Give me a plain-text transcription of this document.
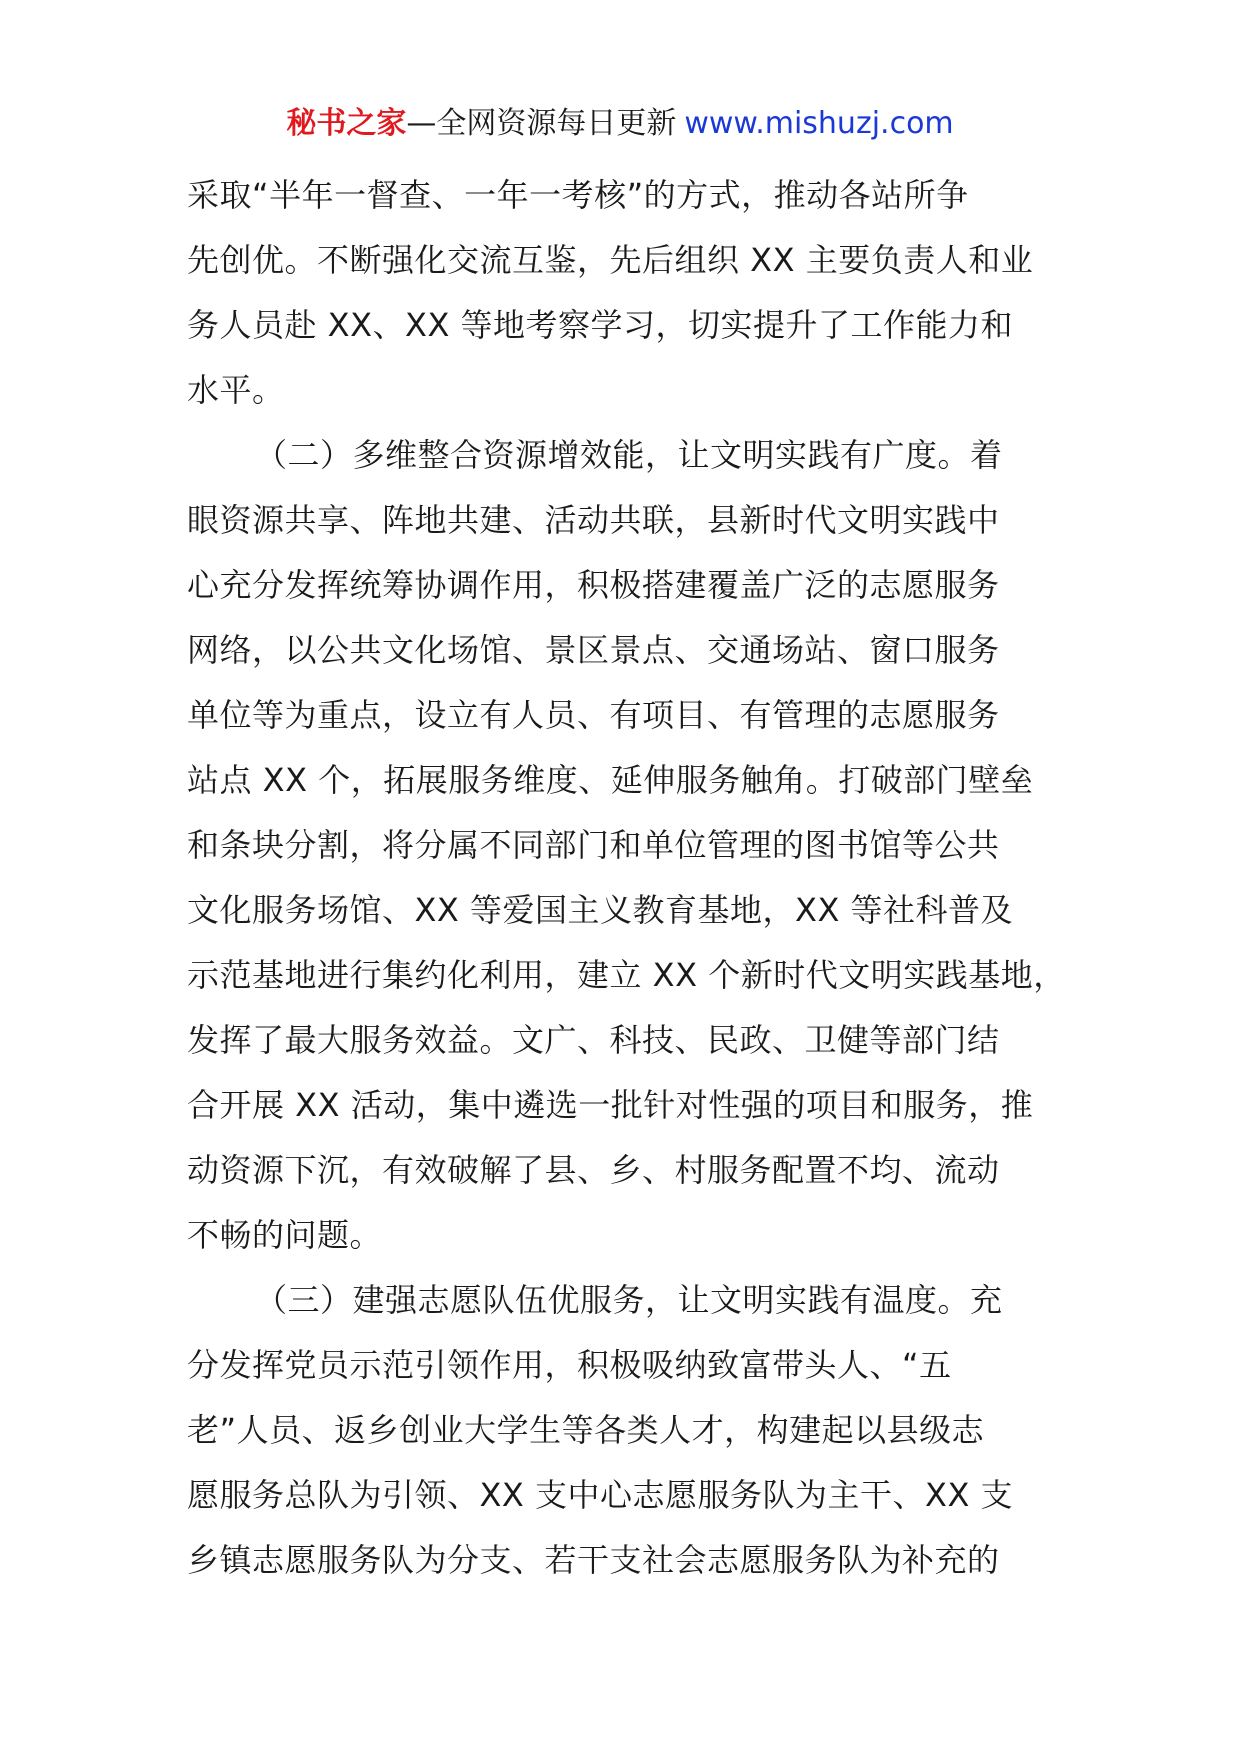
秘书之家—全网资源每日更新 www.mishuzj.com
采取“半年一督查、一年一考核”的方式，推动各站所争
先创优。不断强化交流互鉴，先后组织 XX 主要负责人和业
务人员赴 XX、XX 等地考察学习，切实提升了工作能力和
水平。
（二）多维整合资源增效能，让文明实践有广度。着
眼资源共享、阵地共建、活动共联，县新时代文明实践中
心充分发挥统筹协调作用，积极搭建覆盖广泛的志愿服务
网络，以公共文化场馆、景区景点、交通场站、窗口服务
单位等为重点，设立有人员、有项目、有管理的志愿服务
站点 XX 个，拓展服务维度、延伸服务触角。打破部门壁垒
和条块分割，将分属不同部门和单位管理的图书馆等公共
文化服务场馆、XX 等爱国主义教育基地，XX 等社科普及
示范基地进行集约化利用，建立 XX 个新时代文明实践基地，
发挥了最大服务效益。文广、科技、民政、卫健等部门结
合开展 XX 活动，集中遴选一批针对性强的项目和服务，推
动资源下沉，有效破解了县、乡、村服务配置不均、流动
不畅的问题。
（三）建强志愿队伍优服务，让文明实践有温度。充
分发挥党员示范引领作用，积极吸纳致富带头人、“五
老”人员、返乡创业大学生等各类人才，构建起以县级志
愿服务总队为引领、XX 支中心志愿服务队为主干、XX 支
乡镇志愿服务队为分支、若干支社会志愿服务队为补充的
